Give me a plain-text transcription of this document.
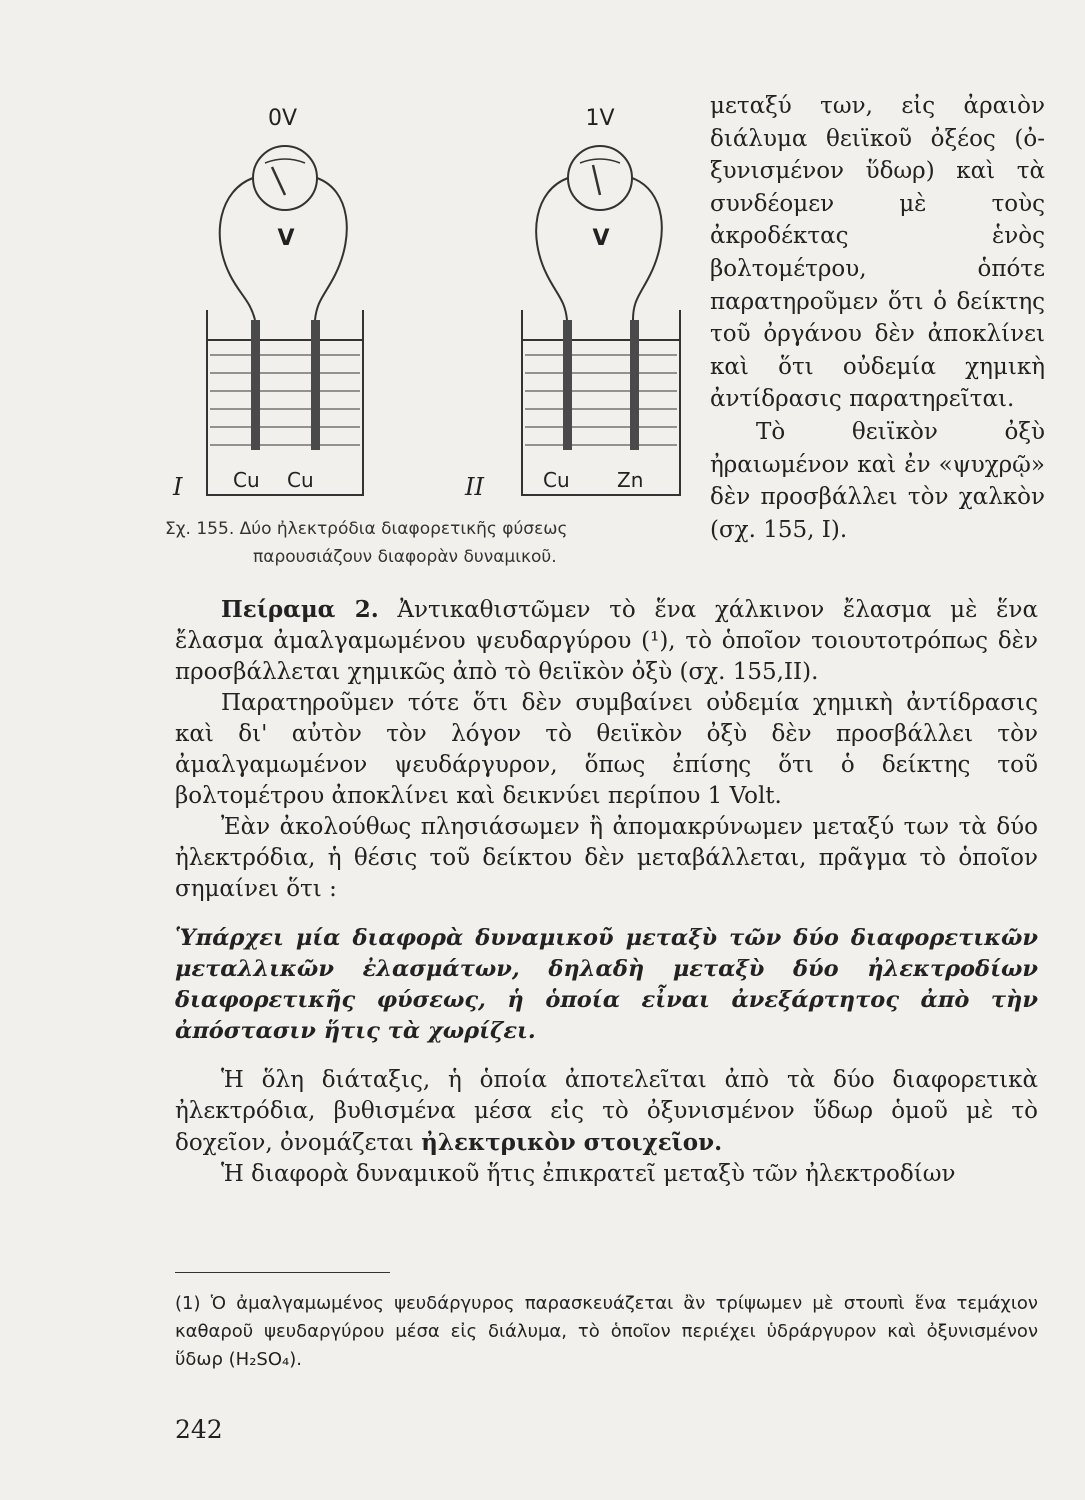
0V	1V
V	V
Cu Cu	Cu Zn
I	II
Σχ. 155. Δύο ἠλεκτρόδια διαφορετικῆς φύσεως
παρουσιάζουν διαφορὰν δυναμικοῦ.

μεταξύ των, εἰς ἀραιὸν διάλυμα θειϊκοῦ ὀξέος (ὀ-ξυνισμένον ὕδωρ) καὶ τὰ συνδέομεν μὲ τοὺς ἀκροδέκτας ἑνὸς βολτομέτρου, ὁπότε παρατηροῦμεν ὅτι ὁ δείκτης τοῦ ὀργάνου δὲν ἀποκλίνει καὶ ὅτι οὐδεμία χημικὴ ἀντίδρασις παρατηρεῖται.

Τὸ θειϊκὸν ὀξὺ ἠραιωμένον καὶ ἐν «ψυχρῷ» δὲν προσβάλλει τὸν χαλκὸν (σχ. 155, I).

Πείραμα 2. Ἀντικαθιστῶμεν τὸ ἕνα χάλκινον ἔλασμα μὲ ἕνα ἔλασμα ἀμαλγαμωμένου ψευδαργύρου (¹), τὸ ὁποῖον τοιουτοτρόπως δὲν προσβάλλεται χημικῶς ἀπὸ τὸ θειϊκὸν ὀξὺ (σχ. 155,II).

Παρατηροῦμεν τότε ὅτι δὲν συμβαίνει οὐδεμία χημικὴ ἀντίδρασις καὶ δι' αὐτὸν τὸν λόγον τὸ θειϊκὸν ὀξὺ δὲν προσβάλλει τὸν ἀμαλγαμωμένον ψευδάργυρον, ὅπως ἐπίσης ὅτι ὁ δείκτης τοῦ βολτομέτρου ἀποκλίνει καὶ δεικνύει περίπου 1 Volt.

Ἐὰν ἀκολούθως πλησιάσωμεν ἢ ἀπομακρύνωμεν μεταξύ των τὰ δύο ἠλεκτρόδια, ἡ θέσις τοῦ δείκτου δὲν μεταβάλλεται, πρᾶγμα τὸ ὁποῖον σημαίνει ὅτι :

Ὑπάρχει μία διαφορὰ δυναμικοῦ μεταξὺ τῶν δύο διαφορετικῶν μεταλλικῶν ἐλασμάτων, δηλαδὴ μεταξὺ δύο ἠλεκτροδίων διαφορετικῆς φύσεως, ἡ ὁποία εἶναι ἀνεξάρτητος ἀπὸ τὴν ἀπόστασιν ἥτις τὰ χωρίζει.

Ἡ ὅλη διάταξις, ἡ ὁποία ἀποτελεῖται ἀπὸ τὰ δύο διαφορετικὰ ἠλεκτρόδια, βυθισμένα μέσα εἰς τὸ ὀξυνισμένον ὕδωρ ὁμοῦ μὲ τὸ δοχεῖον, ὀνομάζεται ἠλεκτρικὸν στοιχεῖον.

Ἡ διαφορὰ δυναμικοῦ ἥτις ἐπικρατεῖ μεταξὺ τῶν ἠλεκτροδίων

(1) Ὁ ἀμαλγαμωμένος ψευδάργυρος παρασκευάζεται ἂν τρίψωμεν μὲ στουπὶ ἕνα τεμάχιον καθαροῦ ψευδαργύρου μέσα εἰς διάλυμα, τὸ ὁποῖον περιέχει ὑδράργυρον καὶ ὀξυνισμένον ὕδωρ (H₂SO₄).

242
